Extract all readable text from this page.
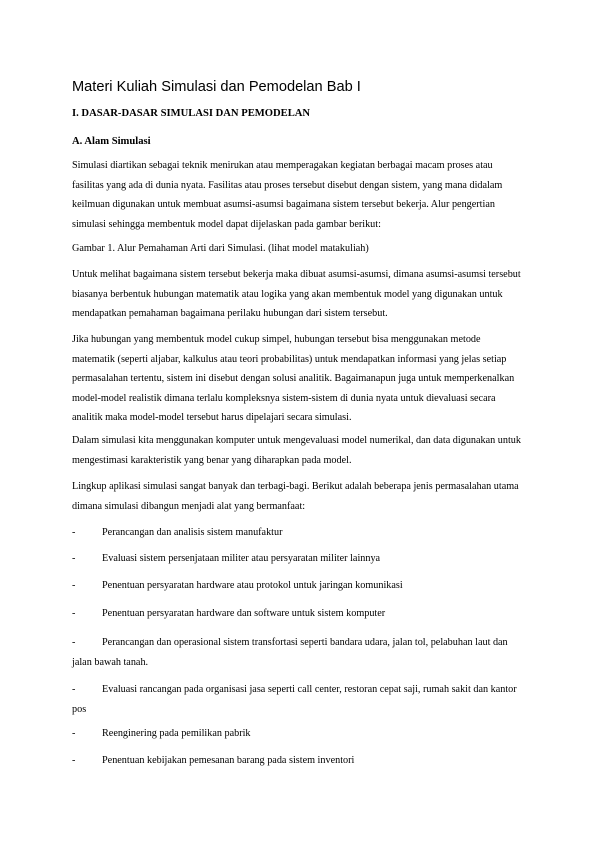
Materi Kuliah Simulasi dan Pemodelan Bab I
I. DASAR-DASAR SIMULASI DAN PEMODELAN
A. Alam Simulasi

Simulasi diartikan sebagai teknik menirukan atau memperagakan kegiatan berbagai macam proses atau fasilitas yang ada di dunia nyata. Fasilitas atau proses tersebut disebut dengan sistem, yang mana didalam keilmuan digunakan untuk membuat asumsi-asumsi bagaimana sistem tersebut bekerja. Alur pengertian simulasi sehingga membentuk model dapat dijelaskan pada gambar berikut:

Gambar 1. Alur Pemahaman Arti dari Simulasi. (lihat model matakuliah)

Untuk melihat bagaimana sistem tersebut bekerja maka dibuat asumsi-asumsi, dimana asumsi-asumsi tersebut biasanya berbentuk hubungan matematik atau logika yang akan membentuk model yang digunakan untuk mendapatkan pemahaman bagaimana perilaku hubungan dari sistem tersebut.

Jika hubungan yang membentuk model cukup simpel, hubungan tersebut bisa menggunakan metode matematik (seperti aljabar, kalkulus atau teori probabilitas) untuk mendapatkan informasi yang jelas setiap permasalahan tertentu, sistem ini disebut dengan solusi analitik. Bagaimanapun juga untuk memperkenalkan model-model realistik dimana terlalu kompleksnya sistem-sistem di dunia nyata untuk dievaluasi secara analitik maka model-model tersebut harus dipelajari secara simulasi.

Dalam simulasi kita menggunakan komputer untuk mengevaluasi model numerikal, dan data digunakan untuk mengestimasi karakteristik yang benar yang diharapkan pada model.

Lingkup aplikasi simulasi sangat banyak dan terbagi-bagi. Berikut adalah beberapa jenis permasalahan utama dimana simulasi dibangun menjadi alat yang bermanfaat:

-	Perancangan dan analisis sistem manufaktur
-	Evaluasi sistem persenjataan militer atau persyaratan militer lainnya
-	Penentuan persyaratan hardware atau protokol untuk jaringan komunikasi
-	Penentuan persyaratan hardware dan software untuk sistem komputer
-	Perancangan dan operasional sistem transfortasi seperti bandara udara, jalan tol, pelabuhan laut dan jalan bawah tanah.
-	Evaluasi rancangan pada organisasi jasa seperti call center, restoran cepat saji, rumah sakit dan kantor pos
-	Reenginering pada pemilikan pabrik
-	Penentuan kebijakan pemesanan barang pada sistem inventori
